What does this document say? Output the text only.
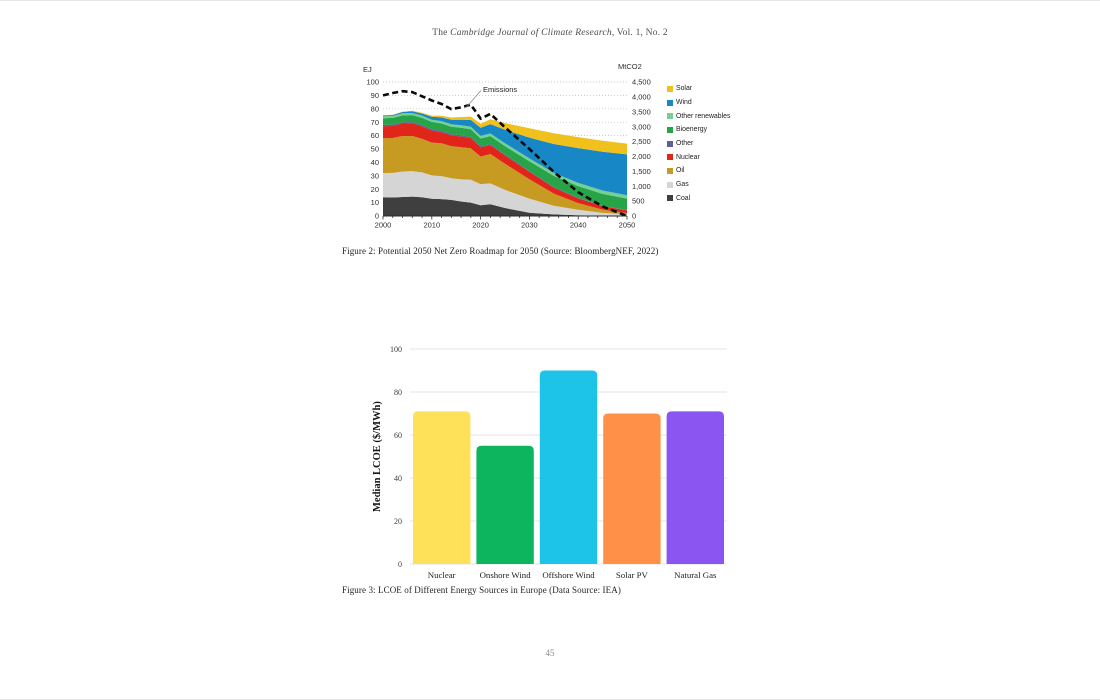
The Cambridge Journal of Climate Research, Vol. 1, No. 2
EJ	MtCO2
0
10
20
30
40
50
60
70
80
90
100
0
500
1,000
1,500
2,000
2,500
3,000
3,500
4,000
4,500
2000	2010	2020	2030	2040	2050
Emissions	Solar
Wind
Other renewables
Bioenergy
Other
Nuclear
Oil
Gas
Coal
Figure 2: Potential 2050 Net Zero Roadmap for 2050 (Source: BloombergNEF, 2022)
Median LCOE ($/MWh)
0
20
40
60
80
100
Nuclear	Onshore Wind Offshore Wind Solar PV	Natural Gas
Figure 3: LCOE of Different Energy Sources in Europe (Data Source: IEA)
45
